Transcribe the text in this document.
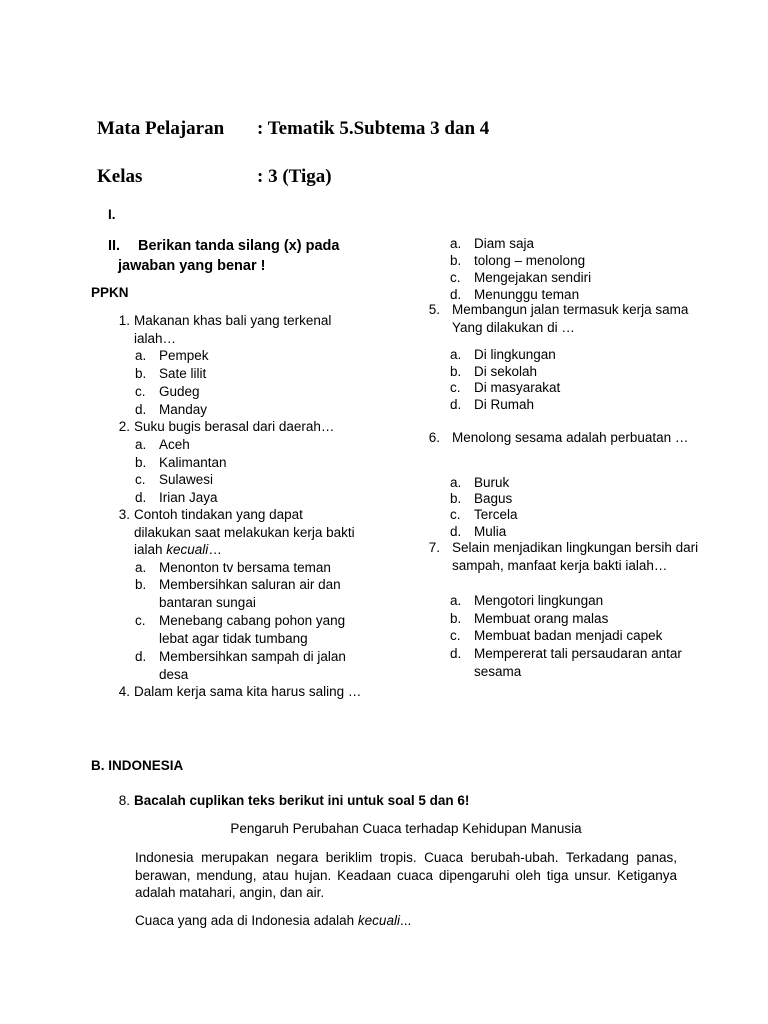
Mata Pelajaran : Tematik 5.Subtema 3 dan 4
Kelas	: 3 (Tiga)
I.
II.	Berikan tanda silang (x) pada jawaban yang benar !
PPKN
1. Makanan khas bali yang terkenal ialah…
a. Pempek
b. Sate lilit
c. Gudeg
d. Manday
2. Suku bugis berasal dari daerah…
a. Aceh
b. Kalimantan
c. Sulawesi
d. Irian Jaya
3. Contoh tindakan yang dapat dilakukan saat melakukan kerja bakti ialah kecuali…
a. Menonton tv bersama teman
b. Membersihkan saluran air dan bantaran sungai
c. Menebang cabang pohon yang lebat agar tidak tumbang
d. Membersihkan sampah di jalan desa
4. Dalam kerja sama kita harus saling …
a. Diam saja
b. tolong – menolong
c. Mengejakan sendiri
d. Menunggu teman
5. Membangun jalan termasuk kerja sama Yang dilakukan di …
a. Di lingkungan
b. Di sekolah
c. Di masyarakat
d. Di Rumah
6. Menolong sesama adalah perbuatan …
a. Buruk
b. Bagus
c. Tercela
d. Mulia
7. Selain menjadikan lingkungan bersih dari sampah, manfaat kerja bakti ialah…
a. Mengotori lingkungan
b. Membuat orang malas
c. Membuat badan menjadi capek
d. Mempererat tali persaudaran antar sesama
B. INDONESIA
8. Bacalah cuplikan teks berikut ini untuk soal 5 dan 6!
Pengaruh Perubahan Cuaca terhadap Kehidupan Manusia
Indonesia merupakan negara beriklim tropis. Cuaca berubah-ubah. Terkadang panas, berawan, mendung, atau hujan. Keadaan cuaca dipengaruhi oleh tiga unsur. Ketiganya adalah matahari, angin, dan air.
Cuaca yang ada di Indonesia adalah kecuali...
